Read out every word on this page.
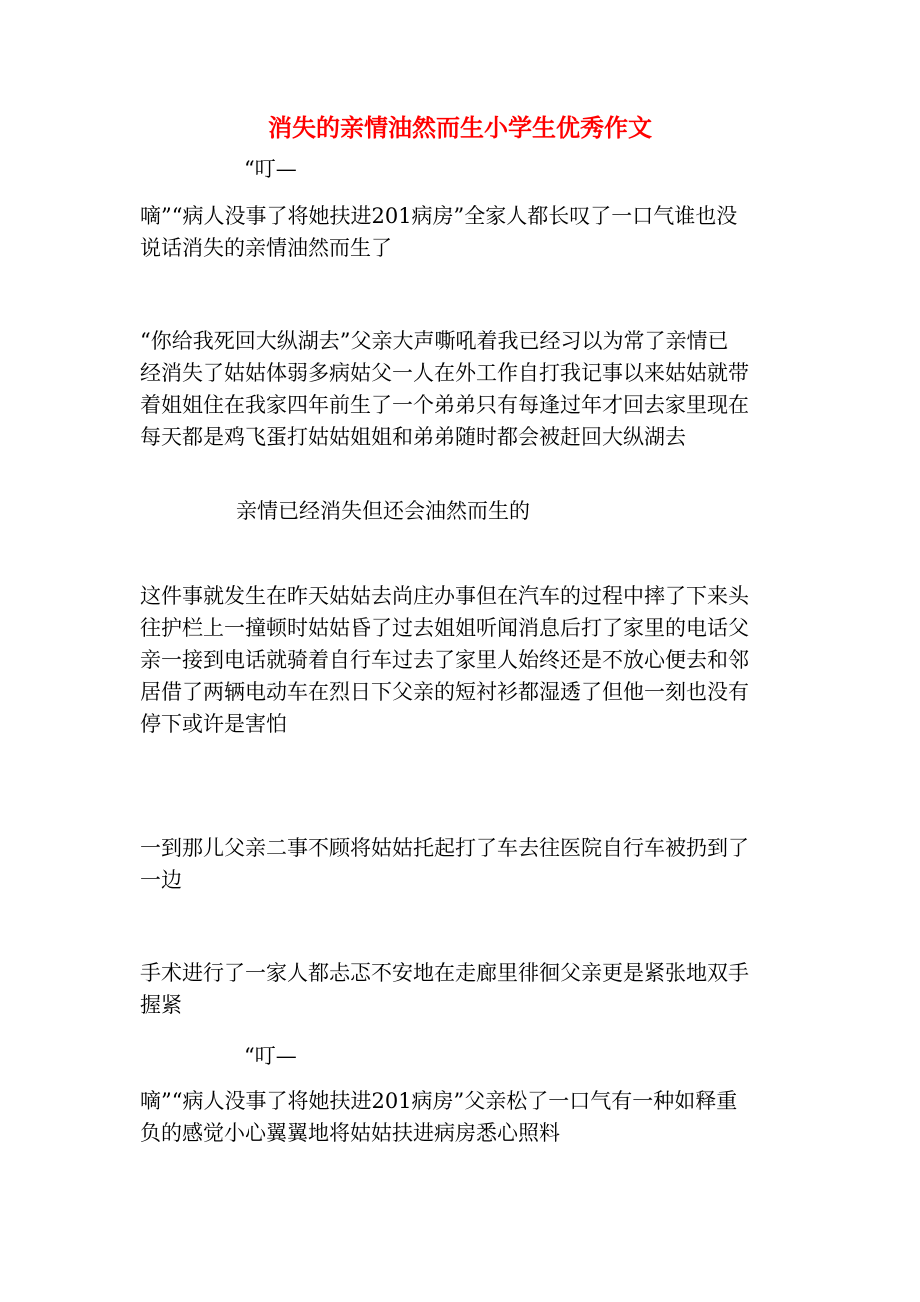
消失的亲情油然而生小学生优秀作文

“叮—

嘀”“病人没事了将她扶进201病房”全家人都长叹了一口气谁也没
说话消失的亲情油然而生了

“你给我死回大纵湖去”父亲大声嘶吼着我已经习以为常了亲情已
经消失了姑姑体弱多病姑父一人在外工作自打我记事以来姑姑就带
着姐姐住在我家四年前生了一个弟弟只有每逢过年才回去家里现在
每天都是鸡飞蛋打姑姑姐姐和弟弟随时都会被赶回大纵湖去

亲情已经消失但还会油然而生的

这件事就发生在昨天姑姑去尚庄办事但在汽车的过程中摔了下来头
往护栏上一撞顿时姑姑昏了过去姐姐听闻消息后打了家里的电话父
亲一接到电话就骑着自行车过去了家里人始终还是不放心便去和邻
居借了两辆电动车在烈日下父亲的短衬衫都湿透了但他一刻也没有
停下或许是害怕

一到那儿父亲二事不顾将姑姑托起打了车去往医院自行车被扔到了
一边

手术进行了一家人都忐忑不安地在走廊里徘徊父亲更是紧张地双手
握紧

“叮—

嘀”“病人没事了将她扶进201病房”父亲松了一口气有一种如释重
负的感觉小心翼翼地将姑姑扶进病房悉心照料
